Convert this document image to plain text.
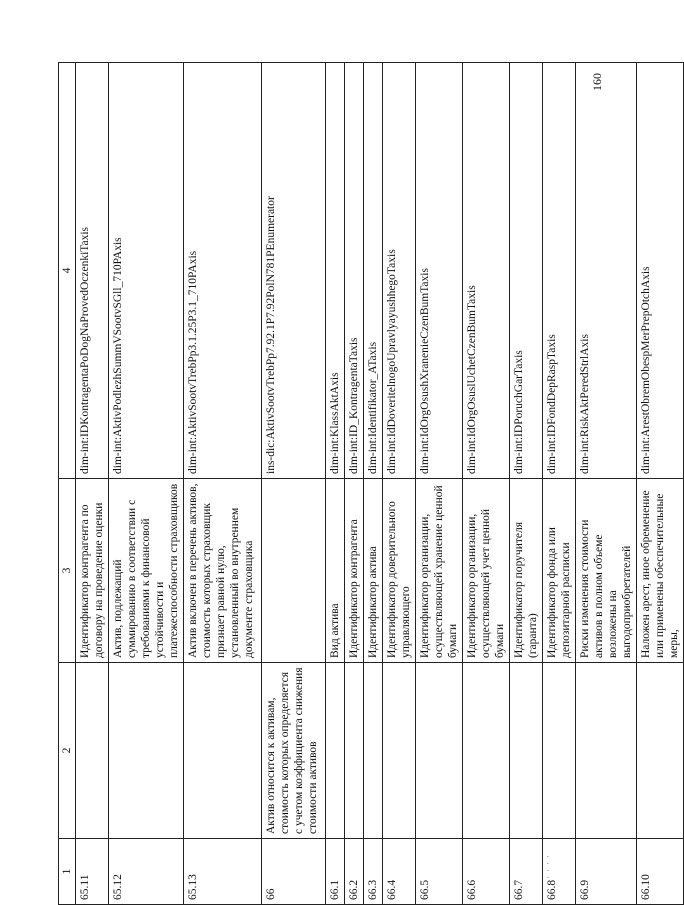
1	2	3	4
65.11		Идентификатор контрагента по договору на проведение оценки	dim-int:IDKontragentaPoDogNaProvedOczenkiTaxis
65.12		Актив, подлежащий суммированию в соответствии с требованиями к финансовой устойчивости и платежеспособности страховщиков	dim-int:AktivPodlezhSummVSootvSGll_710PAxis
65.13		Актив включен в перечень активов, стоимость которых страховщик признает равной нулю, установленный во внутреннем документе страховщика	dim-int:AktivSootvTrebPp3.1.25P3.1_710PAxis
66	Актив относится к активам, стоимость которых определяется с учетом коэффициента снижения стоимости активов		ins-dic:AktivSootvTrebPp7.92.1P7.92PolN781PEnumerator
66.1		Вид актива	dim-int:KlassAktAxis
66.2		Идентификатор контрагента	dim-int:ID_KontragentaTaxis
66.3		Идентификатор актива	dim-int:Identifikator_ATaxis
66.4		Идентификатор доверительного управляющего	dim-int:IdDoveritelnogoUpravlyayushhegoTaxis
66.5		Идентификатор организации, осуществляющей хранение ценной бумаги	dim-int:IdOrgOsushXranenieCzenBumTaxis
66.6		Идентификатор организации, осуществляющей учет ценной бумаги	dim-int:IdOrgOsuslUchetCzenBumTaxis
66.7		Идентификатор поручителя (гаранта)	dim-int:IDPoruchGarTaxis
66.8		Идентификатор фонда или депозитарной расписки	dim-int:IDFondDepRaspTaxis
66.9		Риски изменения стоимости активов в полном объеме возложены на выгодоприобретателей	dim-int:RiskAktPeredStrlAxis
66.10		Наложен арест, иное обременение или применены обеспечительные меры,	dim-int:ArestObremObespMerPrepOtchAxis
160
' ' ' '
